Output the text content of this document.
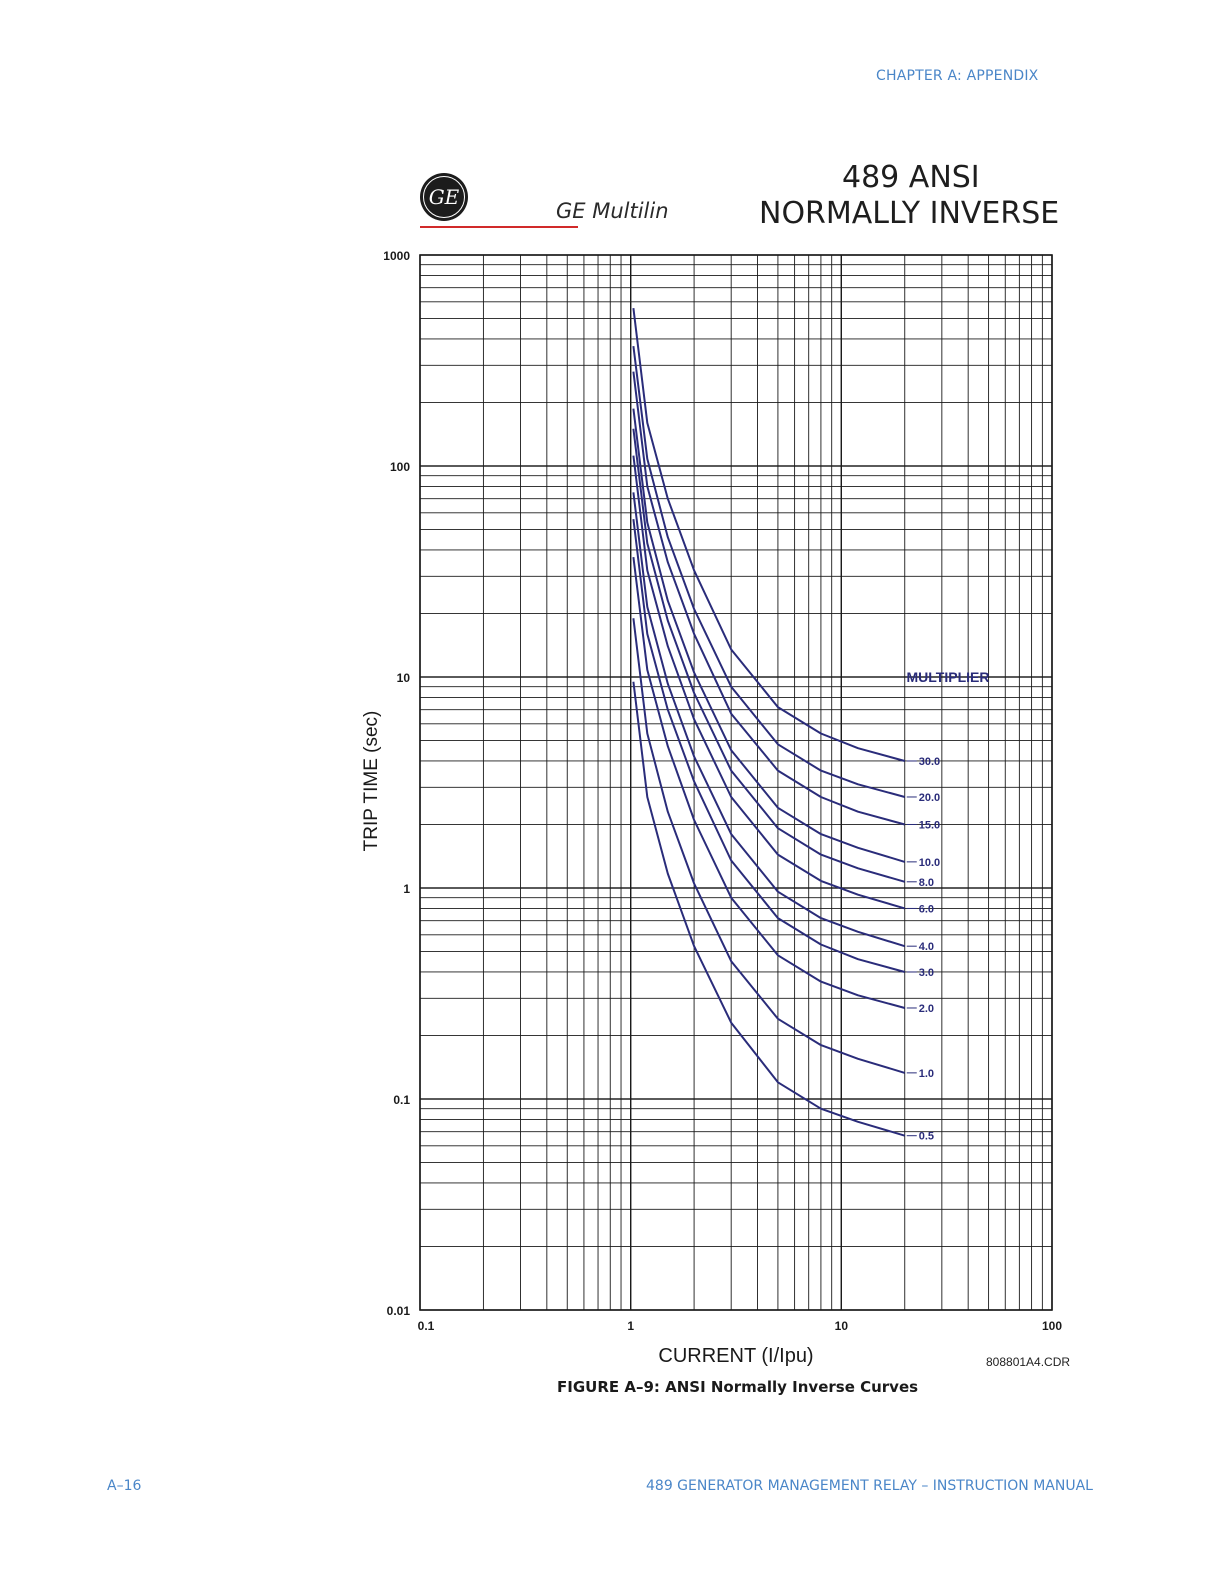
CHAPTER A: APPENDIX
GE
GE Multilin
489 ANSI
NORMALLY INVERSE
0.01
0.1
1
10
100
1000
0.1	1	10	100
MULTIPLIER
30.0
20.0
15.0
10.0
8.0
6.0
4.0
3.0
2.0
1.0
0.5
CURRENT (I/Ipu)
TRIP TIME (sec)
808801A4.CDR
FIGURE A–9: ANSI Normally Inverse Curves
A–16	489 GENERATOR MANAGEMENT RELAY – INSTRUCTION MANUAL
